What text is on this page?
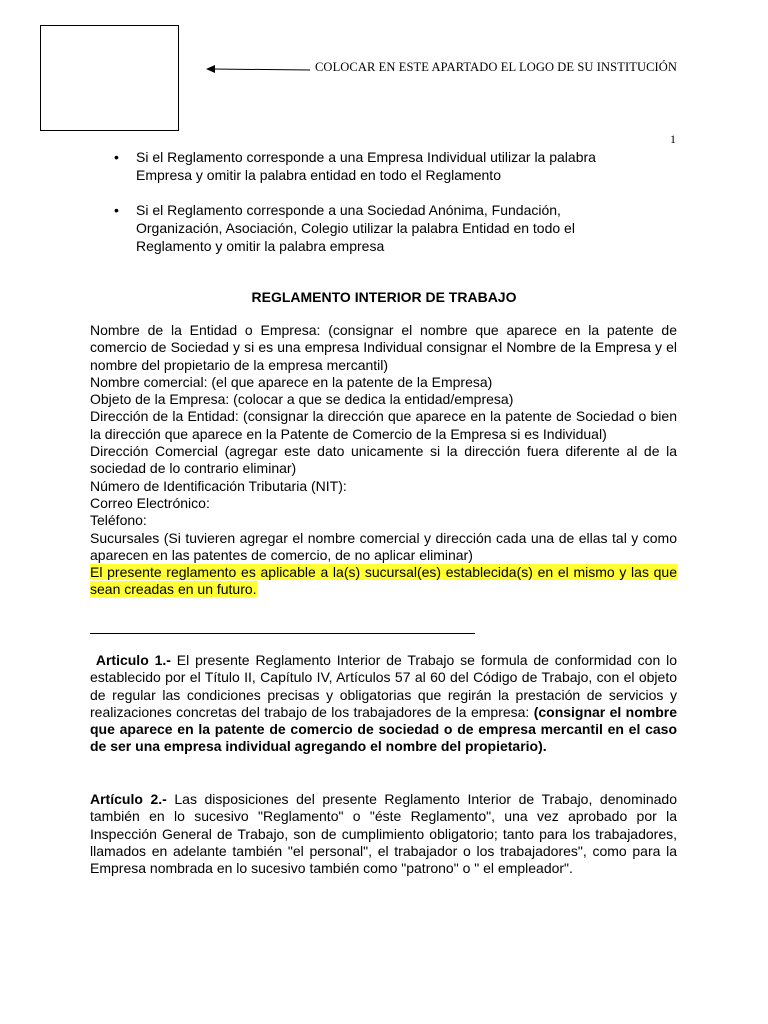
COLOCAR EN ESTE APARTADO EL LOGO DE SU INSTITUCIÓN
1
• Si el Reglamento corresponde a una Empresa Individual utilizar la palabra Empresa y omitir la palabra entidad en todo el Reglamento
• Si el Reglamento corresponde a una Sociedad Anónima, Fundación, Organización, Asociación, Colegio utilizar la palabra Entidad en todo el Reglamento y omitir la palabra empresa
REGLAMENTO INTERIOR DE TRABAJO

Nombre de la Entidad o Empresa: (consignar el nombre que aparece en la patente de comercio de Sociedad y si es una empresa Individual consignar el Nombre de la Empresa y el nombre del propietario de la empresa mercantil)

Nombre comercial: (el que aparece en la patente de la Empresa)

Objeto de la Empresa: (colocar a que se dedica la entidad/empresa)

Dirección de la Entidad: (consignar la dirección que aparece en la patente de Sociedad o bien la dirección que aparece en la Patente de Comercio de la Empresa si es Individual)

Dirección Comercial (agregar este dato unicamente si la dirección fuera diferente al de la sociedad de lo contrario eliminar)

Número de Identificación Tributaria (NIT):

Correo Electrónico:

Teléfono:

Sucursales (Si tuvieren agregar el nombre comercial y dirección cada una de ellas tal y como aparecen en las patentes de comercio, de no aplicar eliminar)

El presente reglamento es aplicable a la(s) sucursal(es) establecida(s) en el mismo y las que sean creadas en un futuro.

Articulo 1.- El presente Reglamento Interior de Trabajo se formula de conformidad con lo establecido por el Título II, Capítulo IV, Artículos 57 al 60 del Código de Trabajo, con el objeto de regular las condiciones precisas y obligatorias que regirán la prestación de servicios y realizaciones concretas del trabajo de los trabajadores de la empresa: (consignar el nombre que aparece en la patente de comercio de sociedad o de empresa mercantil en el caso de ser una empresa individual agregando el nombre del propietario).

Artículo 2.- Las disposiciones del presente Reglamento Interior de Trabajo, denominado también en lo sucesivo "Reglamento" o "éste Reglamento", una vez aprobado por la Inspección General de Trabajo, son de cumplimiento obligatorio; tanto para los trabajadores, llamados en adelante también "el personal", el trabajador o los trabajadores", como para la Empresa nombrada en lo sucesivo también como "patrono" o " el empleador".
